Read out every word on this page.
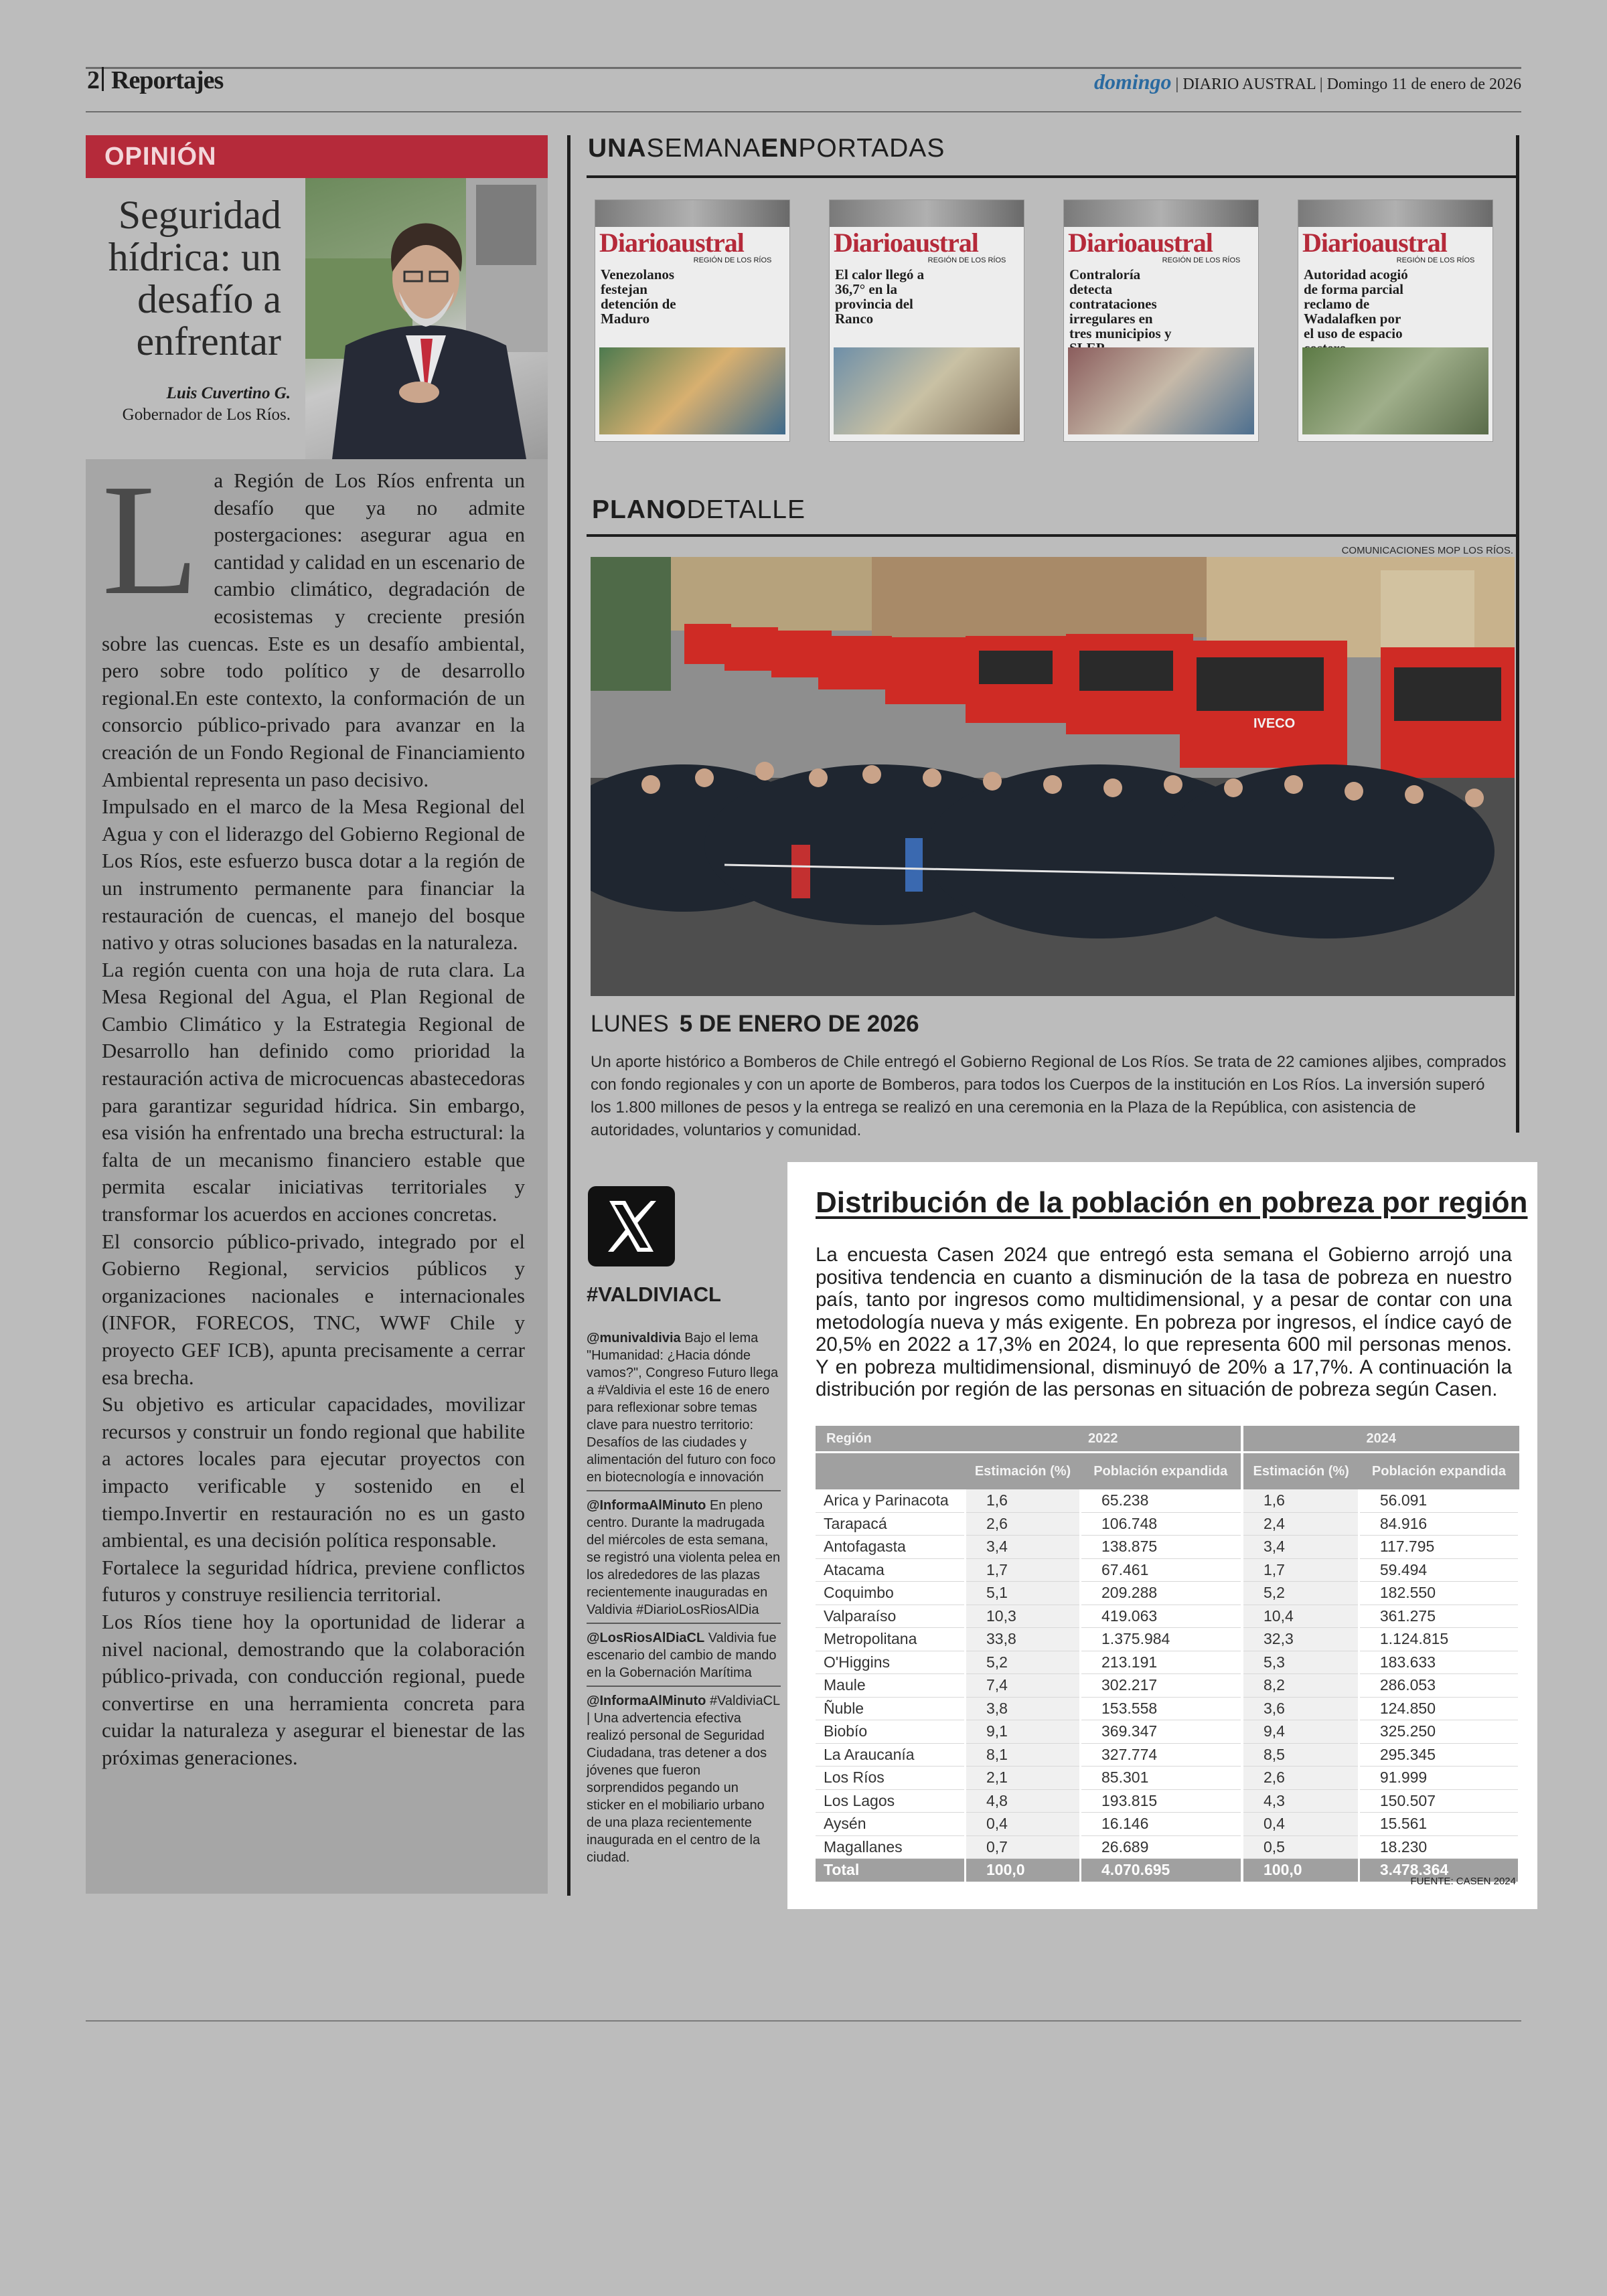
2 Reportajes	domingo | DIARIO AUSTRAL | Domingo 11 de enero de 2026
OPINIÓN
Seguridad hídrica: un desafío a enfrentar
Luis Cuvertino G.
Gobernador de Los Ríos.

La Región de Los Ríos enfrenta un desafío que ya no admite postergaciones: asegurar agua en cantidad y calidad en un escenario de cambio climático, degradación de ecosistemas y creciente presión sobre las cuencas. Este es un desafío ambiental, pero sobre todo político y de desarrollo regional.En este contexto, la conformación de un consorcio público-privado para avanzar en la creación de un Fondo Regional de Financiamiento Ambiental representa un paso decisivo.

Impulsado en el marco de la Mesa Regional del Agua y con el liderazgo del Gobierno Regional de Los Ríos, este esfuerzo busca dotar a la región de un instrumento permanente para financiar la restauración de cuencas, el manejo del bosque nativo y otras soluciones basadas en la naturaleza.

La región cuenta con una hoja de ruta clara. La Mesa Regional del Agua, el Plan Regional de Cambio Climático y la Estrategia Regional de Desarrollo han definido como prioridad la restauración activa de microcuencas abastecedoras para garantizar seguridad hídrica. Sin embargo, esa visión ha enfrentado una brecha estructural: la falta de un mecanismo financiero estable que permita escalar iniciativas territoriales y transformar los acuerdos en acciones concretas.

El consorcio público-privado, integrado por el Gobierno Regional, servicios públicos y organizaciones nacionales e internacionales (INFOR, FORECOS, TNC, WWF Chile y proyecto GEF ICB), apunta precisamente a cerrar esa brecha.

Su objetivo es articular capacidades, movilizar recursos y construir un fondo regional que habilite a actores locales para ejecutar proyectos con impacto verificable y sostenido en el tiempo.Invertir en restauración no es un gasto ambiental, es una decisión política responsable.

Fortalece la seguridad hídrica, previene conflictos futuros y construye resiliencia territorial.

Los Ríos tiene hoy la oportunidad de liderar a nivel nacional, demostrando que la colaboración público-privada, con conducción regional, puede convertirse en una herramienta concreta para cuidar la naturaleza y asegurar el bienestar de las próximas generaciones.

UNASEMANAENPORTADAS
Diarioaustral
REGIÓN DE LOS RÍOS
Venezolanos festejan detención de Maduro
Diarioaustral
REGIÓN DE LOS RÍOS
El calor llegó a 36,7° en la provincia del Ranco
Diarioaustral
REGIÓN DE LOS RÍOS
Contraloría detecta contrataciones irregulares en tres municipios y
Diarioaustral
REGIÓN DE LOS RÍOS
Autoridad acogió de forma parcial reclamo de Wadalafken por el uso de espacio
PLANODETALLE
COMUNICACIONES MOP LOS RÍOS.
IVECO
LUNES 5 DE ENERO DE 2026
Un aporte histórico a Bomberos de Chile entregó el Gobierno Regional de Los Ríos. Se trata de 22 camiones aljibes, comprados con fondo regionales y con un aporte de Bomberos, para todos los Cuerpos de la institución en Los Ríos. La inversión superó los 1.800 millones de pesos y la entrega se realizó en una ceremonia en la Plaza de la República, con asistencia de autoridades, voluntarios y comunidad.
#VALDIVIACL
@munivaldivia Bajo el lema "Humanidad: ¿Hacia dónde vamos?", Congreso Futuro llega a #Valdivia el este 16 de enero para reflexionar sobre temas clave para nuestro territorio: Desafíos de las ciudades y alimentación del futuro con foco en biotecnología e innovación
@InformaAlMinuto En pleno centro. Durante la madrugada del miércoles de esta semana, se registró una violenta pelea en los alrededores de las plazas recientemente inauguradas en Valdivia #DiarioLosRiosAlDia
@LosRiosAlDiaCL Valdivia fue escenario del cambio de mando en la Gobernación Marítima
@InformaAlMinuto #ValdiviaCL | Una advertencia efectiva realizó personal de Seguridad Ciudadana, tras detener a dos jóvenes que fueron sorprendidos pegando un sticker en el mobiliario urbano de una plaza recientemente inaugurada en el centro de la ciudad.
Distribución de la población en pobreza por región
La encuesta Casen 2024 que entregó esta semana el Gobierno arrojó una positiva tendencia en cuanto a disminución de la tasa de pobreza en nuestro país, tanto por ingresos como multidimensional, y a pesar de contar con una metodología nueva y más exigente. En pobreza por ingresos, el índice cayó de 20,5% en 2022 a 17,3% en 2024, lo que representa 600 mil personas menos. Y en pobreza multidimensional, disminuyó de 20% a 17,7%. A continuación la distribución por región de las personas en situación de pobreza según Casen.
Región	2022		2024	
	Estimación (%)	Población expandida	Estimación (%)	Población expandida
Arica y Parinacota	1,6	65.238	1,6	56.091
Tarapacá	2,6	106.748	2,4	84.916
Antofagasta	3,4	138.875	3,4	117.795
Atacama	1,7	67.461	1,7	59.494
Coquimbo	5,1	209.288	5,2	182.550
Valparaíso	10,3	419.063	10,4	361.275
Metropolitana	33,8	1.375.984	32,3	1.124.815
O'Higgins	5,2	213.191	5,3	183.633
Maule	7,4	302.217	8,2	286.053
Ñuble	3,8	153.558	3,6	124.850
Biobío	9,1	369.347	9,4	325.250
La Araucanía	8,1	327.774	8,5	295.345
Los Ríos	2,1	85.301	2,6	91.999
Los Lagos	4,8	193.815	4,3	150.507
Aysén	0,4	16.146	0,4	15.561
Magallanes	0,7	26.689	0,5	18.230
Total	100,0	4.070.695	100,0	3.478.364
FUENTE: CASEN 2024
